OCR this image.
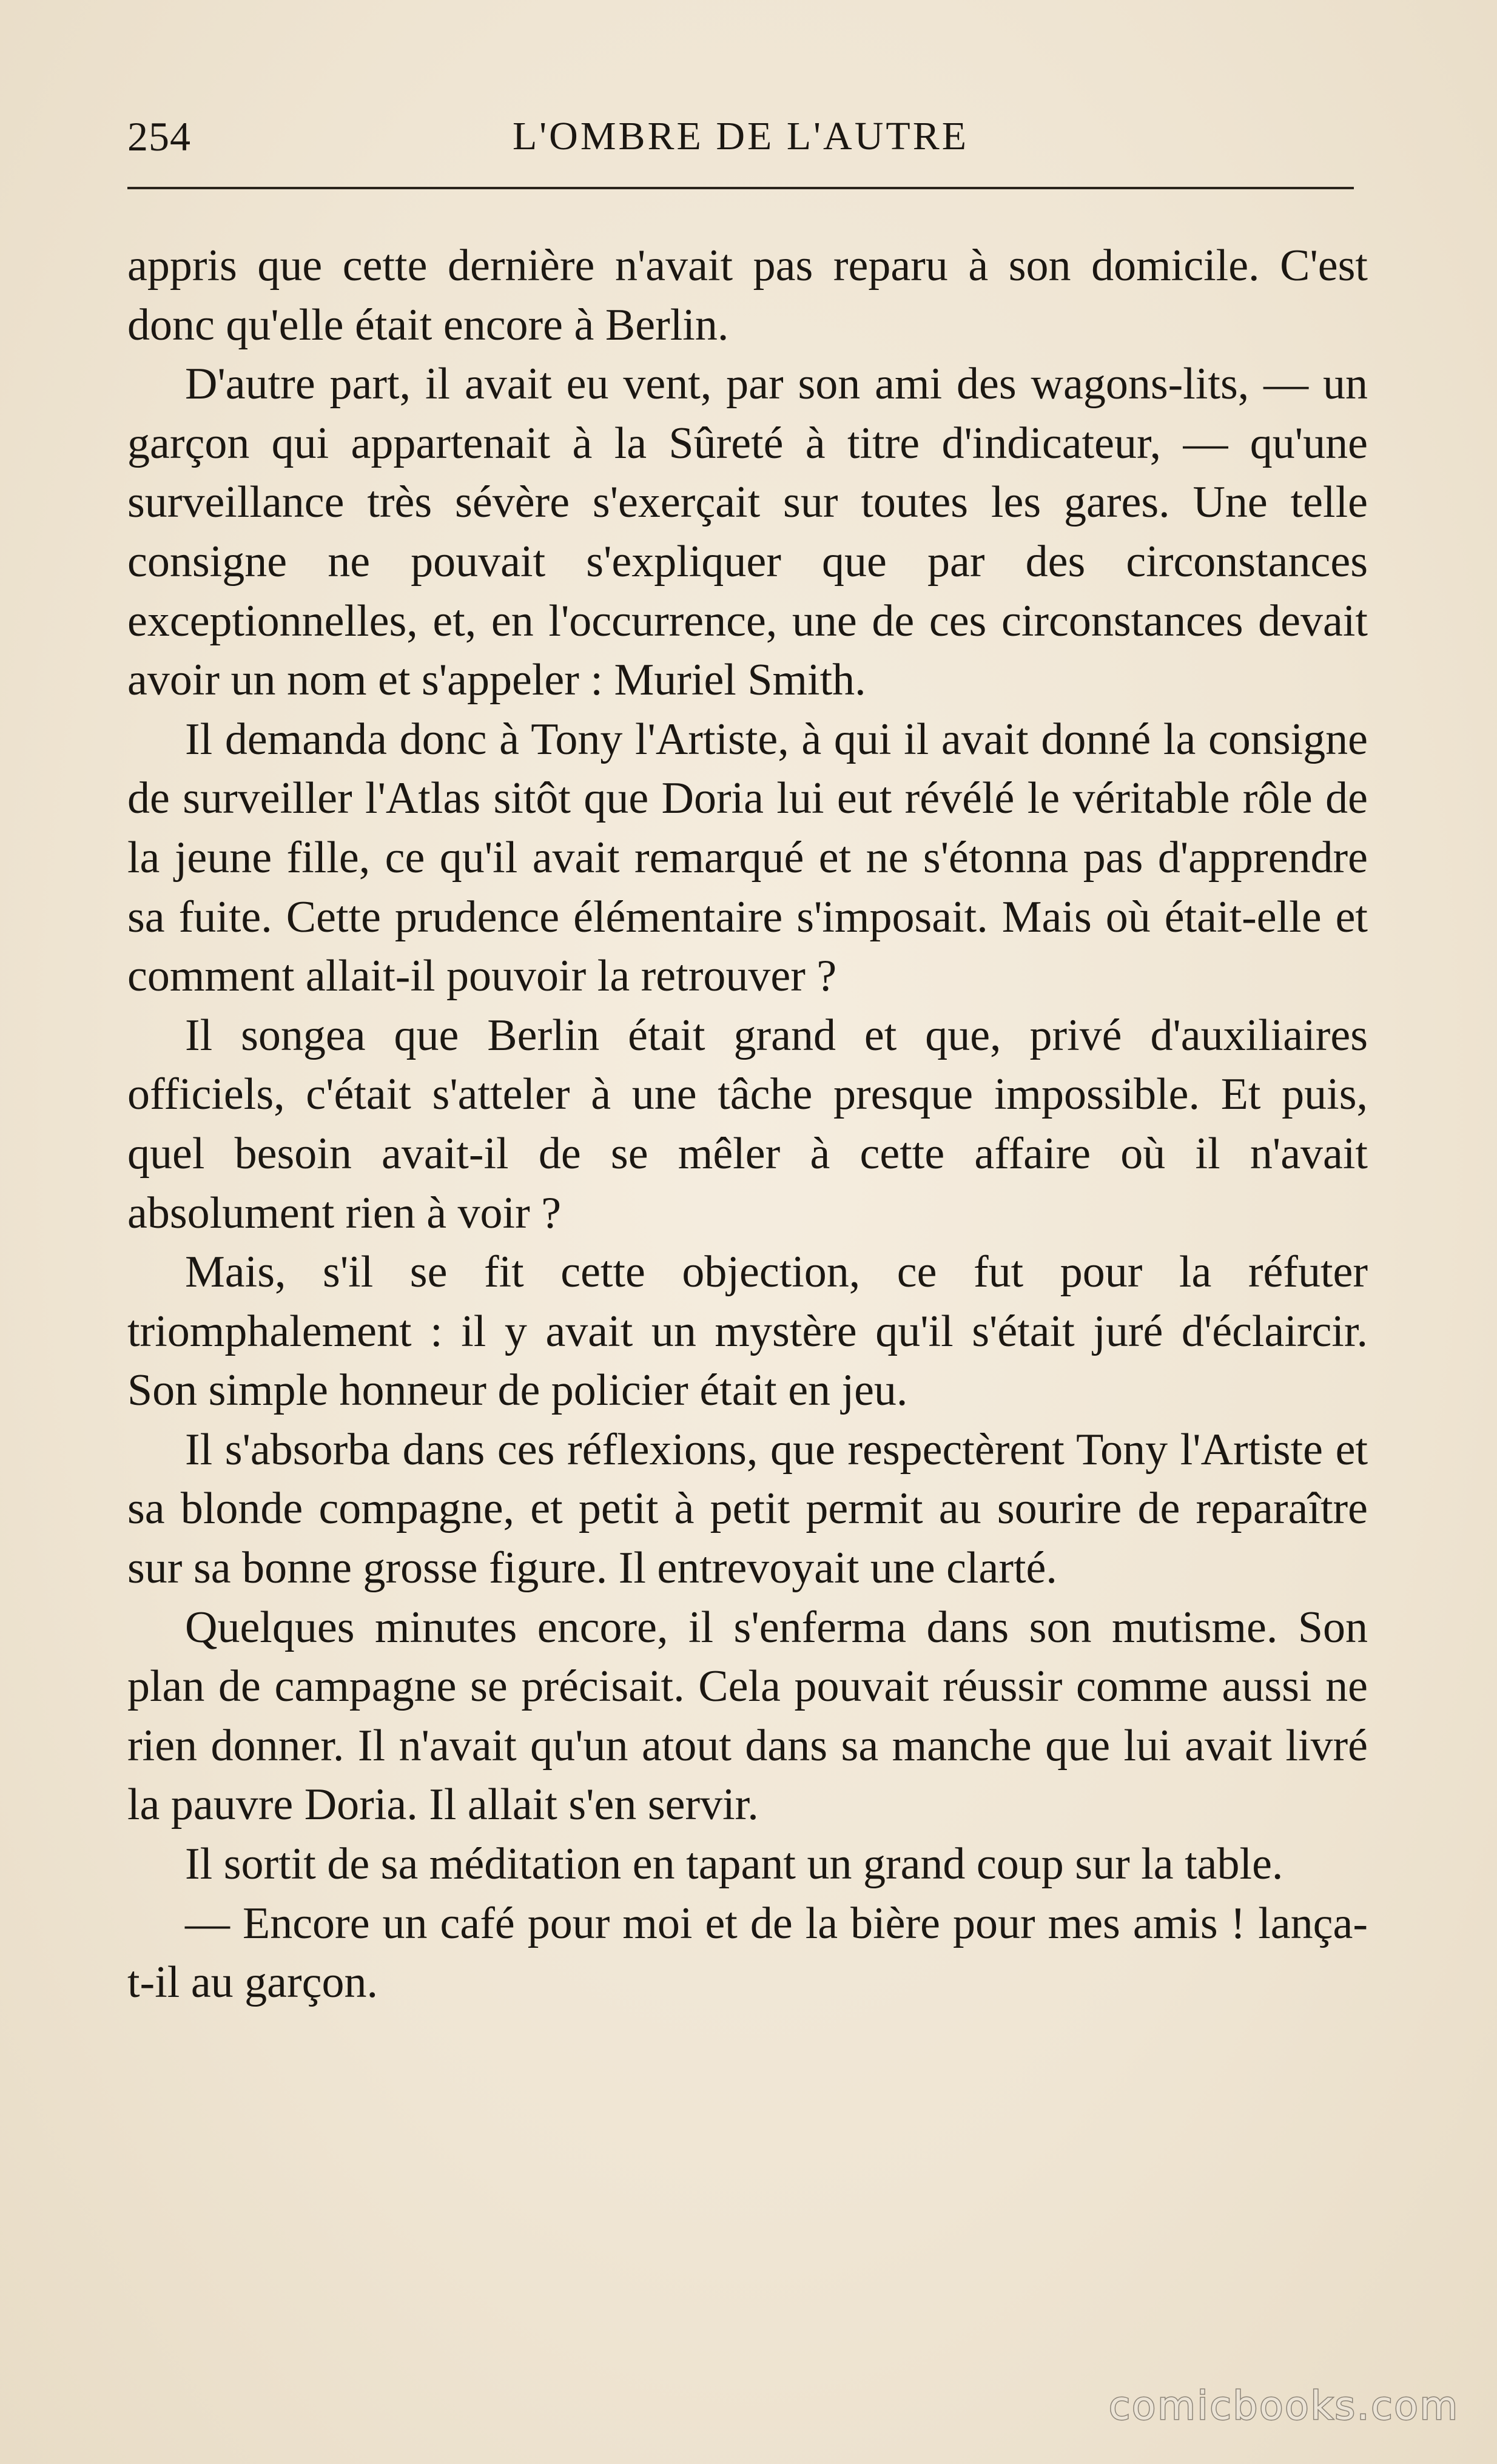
254	L'OMBRE DE L'AUTRE

appris que cette dernière n'avait pas reparu à son domicile. C'est donc qu'elle était encore à Berlin.

D'autre part, il avait eu vent, par son ami des wagons-lits, — un garçon qui appartenait à la Sûreté à titre d'indicateur, — qu'une surveillance très sévère s'exerçait sur toutes les gares. Une telle consigne ne pouvait s'expliquer que par des circonstances exceptionnelles, et, en l'occurrence, une de ces circonstances devait avoir un nom et s'appeler : Muriel Smith.

Il demanda donc à Tony l'Artiste, à qui il avait donné la consigne de surveiller l'Atlas sitôt que Doria lui eut révélé le véritable rôle de la jeune fille, ce qu'il avait remarqué et ne s'étonna pas d'apprendre sa fuite. Cette prudence élémentaire s'imposait. Mais où était-elle et comment allait-il pouvoir la retrouver ?

Il songea que Berlin était grand et que, privé d'auxiliaires officiels, c'était s'atteler à une tâche presque impossible. Et puis, quel besoin avait-il de se mêler à cette affaire où il n'avait absolument rien à voir ?

Mais, s'il se fit cette objection, ce fut pour la réfuter triomphalement : il y avait un mystère qu'il s'était juré d'éclaircir. Son simple honneur de policier était en jeu.

Il s'absorba dans ces réflexions, que respectèrent Tony l'Artiste et sa blonde compagne, et petit à petit permit au sourire de reparaître sur sa bonne grosse figure. Il entrevoyait une clarté.

Quelques minutes encore, il s'enferma dans son mutisme. Son plan de campagne se précisait. Cela pouvait réussir comme aussi ne rien donner. Il n'avait qu'un atout dans sa manche que lui avait livré la pauvre Doria. Il allait s'en servir.

Il sortit de sa méditation en tapant un grand coup sur la table.

— Encore un café pour moi et de la bière pour mes amis ! lança-t-il au garçon.

comicbooks.com
